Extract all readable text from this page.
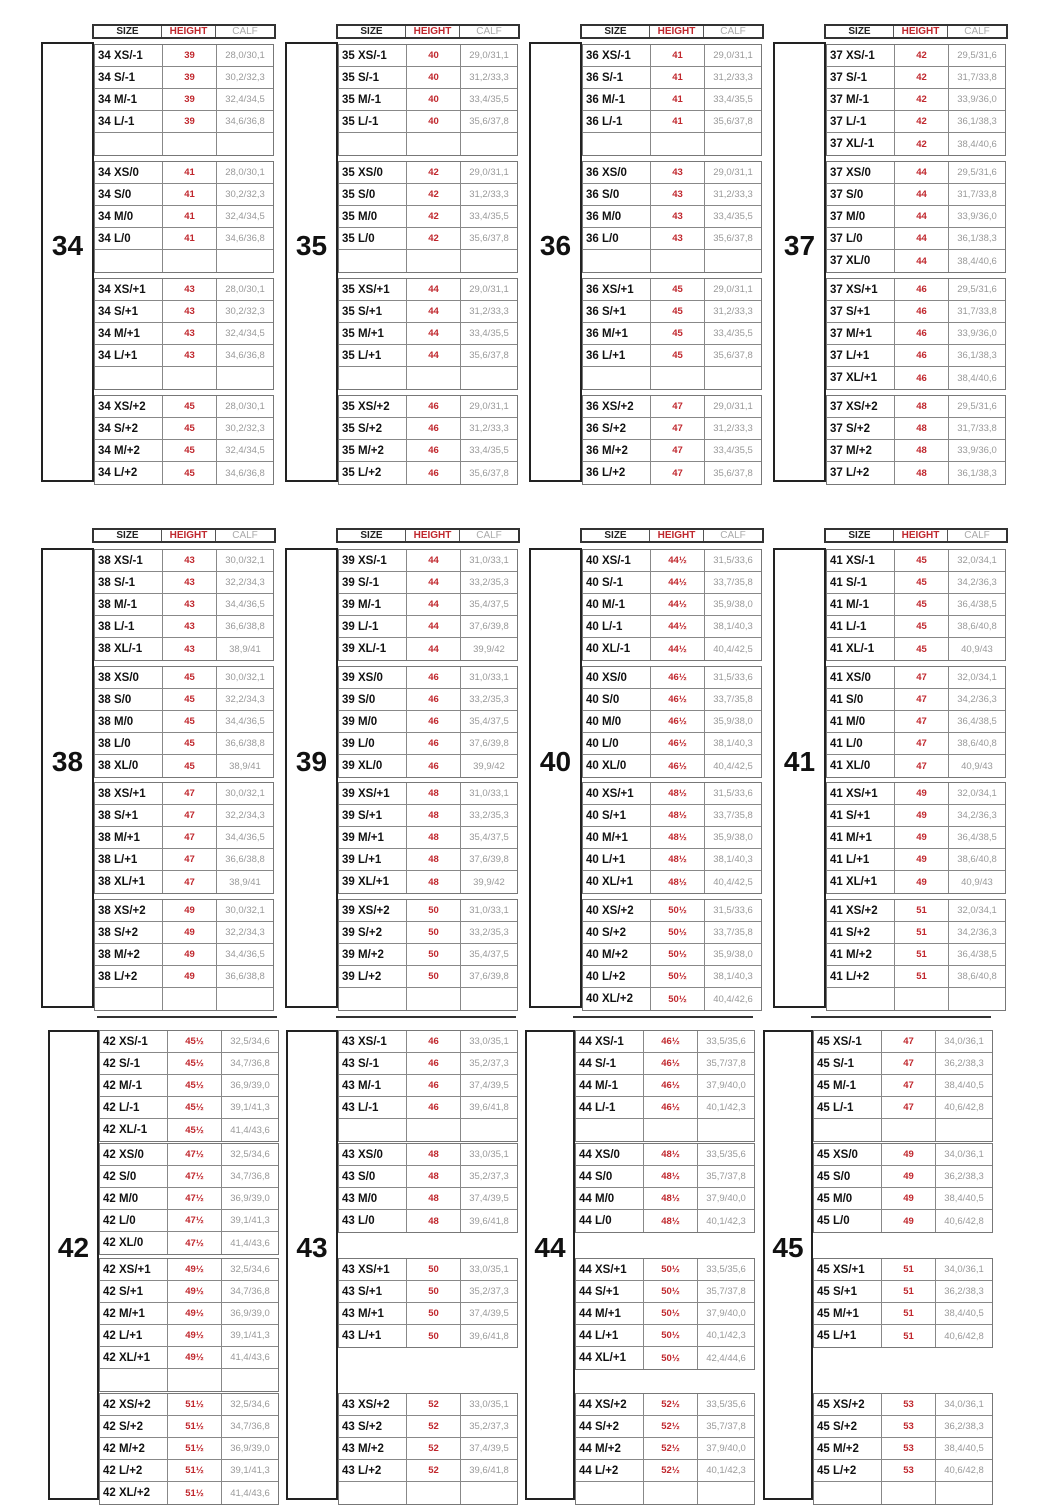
SIZE	HEIGHT	CALF
34
34 XS/-1	39	28,0/30,1
34 S/-1	39	30,2/32,3
34 M/-1	39	32,4/34,5
34 L/-1	39	34,6/36,8
34 XS/0	41	28,0/30,1
34 S/0	41	30,2/32,3
34 M/0	41	32,4/34,5
34 L/0	41	34,6/36,8
34 XS/+1	43	28,0/30,1
34 S/+1	43	30,2/32,3
34 M/+1	43	32,4/34,5
34 L/+1	43	34,6/36,8
34 XS/+2	45	28,0/30,1
34 S/+2	45	30,2/32,3
34 M/+2	45	32,4/34,5
34 L/+2	45	34,6/36,8
SIZE	HEIGHT	CALF
35
35 XS/-1	40	29,0/31,1
35 S/-1	40	31,2/33,3
35 M/-1	40	33,4/35,5
35 L/-1	40	35,6/37,8
35 XS/0	42	29,0/31,1
35 S/0	42	31,2/33,3
35 M/0	42	33,4/35,5
35 L/0	42	35,6/37,8
35 XS/+1	44	29,0/31,1
35 S/+1	44	31,2/33,3
35 M/+1	44	33,4/35,5
35 L/+1	44	35,6/37,8
35 XS/+2	46	29,0/31,1
35 S/+2	46	31,2/33,3
35 M/+2	46	33,4/35,5
35 L/+2	46	35,6/37,8
SIZE	HEIGHT	CALF
36
36 XS/-1	41	29,0/31,1
36 S/-1	41	31,2/33,3
36 M/-1	41	33,4/35,5
36 L/-1	41	35,6/37,8
36 XS/0	43	29,0/31,1
36 S/0	43	31,2/33,3
36 M/0	43	33,4/35,5
36 L/0	43	35,6/37,8
36 XS/+1	45	29,0/31,1
36 S/+1	45	31,2/33,3
36 M/+1	45	33,4/35,5
36 L/+1	45	35,6/37,8
36 XS/+2	47	29,0/31,1
36 S/+2	47	31,2/33,3
36 M/+2	47	33,4/35,5
36 L/+2	47	35,6/37,8
SIZE	HEIGHT	CALF
37
37 XS/-1	42	29,5/31,6
37 S/-1	42	31,7/33,8
37 M/-1	42	33,9/36,0
37 L/-1	42	36,1/38,3
37 XL/-1	42	38,4/40,6
37 XS/0	44	29,5/31,6
37 S/0	44	31,7/33,8
37 M/0	44	33,9/36,0
37 L/0	44	36,1/38,3
37 XL/0	44	38,4/40,6
37 XS/+1	46	29,5/31,6
37 S/+1	46	31,7/33,8
37 M/+1	46	33,9/36,0
37 L/+1	46	36,1/38,3
37 XL/+1	46	38,4/40,6
37 XS/+2	48	29,5/31,6
37 S/+2	48	31,7/33,8
37 M/+2	48	33,9/36,0
37 L/+2	48	36,1/38,3
SIZE	HEIGHT	CALF
38
38 XS/-1	43	30,0/32,1
38 S/-1	43	32,2/34,3
38 M/-1	43	34,4/36,5
38 L/-1	43	36,6/38,8
38 XL/-1	43	38,9/41
38 XS/0	45	30,0/32,1
38 S/0	45	32,2/34,3
38 M/0	45	34,4/36,5
38 L/0	45	36,6/38,8
38 XL/0	45	38,9/41
38 XS/+1	47	30,0/32,1
38 S/+1	47	32,2/34,3
38 M/+1	47	34,4/36,5
38 L/+1	47	36,6/38,8
38 XL/+1	47	38,9/41
38 XS/+2	49	30,0/32,1
38 S/+2	49	32,2/34,3
38 M/+2	49	34,4/36,5
38 L/+2	49	36,6/38,8
SIZE	HEIGHT	CALF
39
39 XS/-1	44	31,0/33,1
39 S/-1	44	33,2/35,3
39 M/-1	44	35,4/37,5
39 L/-1	44	37,6/39,8
39 XL/-1	44	39,9/42
39 XS/0	46	31,0/33,1
39 S/0	46	33,2/35,3
39 M/0	46	35,4/37,5
39 L/0	46	37,6/39,8
39 XL/0	46	39,9/42
39 XS/+1	48	31,0/33,1
39 S/+1	48	33,2/35,3
39 M/+1	48	35,4/37,5
39 L/+1	48	37,6/39,8
39 XL/+1	48	39,9/42
39 XS/+2	50	31,0/33,1
39 S/+2	50	33,2/35,3
39 M/+2	50	35,4/37,5
39 L/+2	50	37,6/39,8
SIZE	HEIGHT	CALF
40
40 XS/-1	44½	31,5/33,6
40 S/-1	44½	33,7/35,8
40 M/-1	44½	35,9/38,0
40 L/-1	44½	38,1/40,3
40 XL/-1	44½	40,4/42,5
40 XS/0	46½	31,5/33,6
40 S/0	46½	33,7/35,8
40 M/0	46½	35,9/38,0
40 L/0	46½	38,1/40,3
40 XL/0	46½	40,4/42,5
40 XS/+1	48½	31,5/33,6
40 S/+1	48½	33,7/35,8
40 M/+1	48½	35,9/38,0
40 L/+1	48½	38,1/40,3
40 XL/+1	48½	40,4/42,5
40 XS/+2	50½	31,5/33,6
40 S/+2	50½	33,7/35,8
40 M/+2	50½	35,9/38,0
40 L/+2	50½	38,1/40,3
40 XL/+2	50½	40,4/42,6
SIZE	HEIGHT	CALF
41
41 XS/-1	45	32,0/34,1
41 S/-1	45	34,2/36,3
41 M/-1	45	36,4/38,5
41 L/-1	45	38,6/40,8
41 XL/-1	45	40,9/43
41 XS/0	47	32,0/34,1
41 S/0	47	34,2/36,3
41 M/0	47	36,4/38,5
41 L/0	47	38,6/40,8
41 XL/0	47	40,9/43
41 XS/+1	49	32,0/34,1
41 S/+1	49	34,2/36,3
41 M/+1	49	36,4/38,5
41 L/+1	49	38,6/40,8
41 XL/+1	49	40,9/43
41 XS/+2	51	32,0/34,1
41 S/+2	51	34,2/36,3
41 M/+2	51	36,4/38,5
41 L/+2	51	38,6/40,8
42
42 XS/-1	45½	32,5/34,6
42 S/-1	45½	34,7/36,8
42 M/-1	45½	36,9/39,0
42 L/-1	45½	39,1/41,3
42 XL/-1	45½	41,4/43,6
42 XS/0	47½	32,5/34,6
42 S/0	47½	34,7/36,8
42 M/0	47½	36,9/39,0
42 L/0	47½	39,1/41,3
42 XL/0	47½	41,4/43,6
42 XS/+1	49½	32,5/34,6
42 S/+1	49½	34,7/36,8
42 M/+1	49½	36,9/39,0
42 L/+1	49½	39,1/41,3
42 XL/+1	49½	41,4/43,6
42 XS/+2	51½	32,5/34,6
42 S/+2	51½	34,7/36,8
42 M/+2	51½	36,9/39,0
42 L/+2	51½	39,1/41,3
42 XL/+2	51½	41,4/43,6
43
43 XS/-1	46	33,0/35,1
43 S/-1	46	35,2/37,3
43 M/-1	46	37,4/39,5
43 L/-1	46	39,6/41,8
43 XS/0	48	33,0/35,1
43 S/0	48	35,2/37,3
43 M/0	48	37,4/39,5
43 L/0	48	39,6/41,8
43 XS/+1	50	33,0/35,1
43 S/+1	50	35,2/37,3
43 M/+1	50	37,4/39,5
43 L/+1	50	39,6/41,8
43 XS/+2	52	33,0/35,1
43 S/+2	52	35,2/37,3
43 M/+2	52	37,4/39,5
43 L/+2	52	39,6/41,8
44
44 XS/-1	46½	33,5/35,6
44 S/-1	46½	35,7/37,8
44 M/-1	46½	37,9/40,0
44 L/-1	46½	40,1/42,3
44 XS/0	48½	33,5/35,6
44 S/0	48½	35,7/37,8
44 M/0	48½	37,9/40,0
44 L/0	48½	40,1/42,3
44 XS/+1	50½	33,5/35,6
44 S/+1	50½	35,7/37,8
44 M/+1	50½	37,9/40,0
44 L/+1	50½	40,1/42,3
44 XL/+1	50½	42,4/44,6
44 XS/+2	52½	33,5/35,6
44 S/+2	52½	35,7/37,8
44 M/+2	52½	37,9/40,0
44 L/+2	52½	40,1/42,3
45
45 XS/-1	47	34,0/36,1
45 S/-1	47	36,2/38,3
45 M/-1	47	38,4/40,5
45 L/-1	47	40,6/42,8
45 XS/0	49	34,0/36,1
45 S/0	49	36,2/38,3
45 M/0	49	38,4/40,5
45 L/0	49	40,6/42,8
45 XS/+1	51	34,0/36,1
45 S/+1	51	36,2/38,3
45 M/+1	51	38,4/40,5
45 L/+1	51	40,6/42,8
45 XS/+2	53	34,0/36,1
45 S/+2	53	36,2/38,3
45 M/+2	53	38,4/40,5
45 L/+2	53	40,6/42,8
